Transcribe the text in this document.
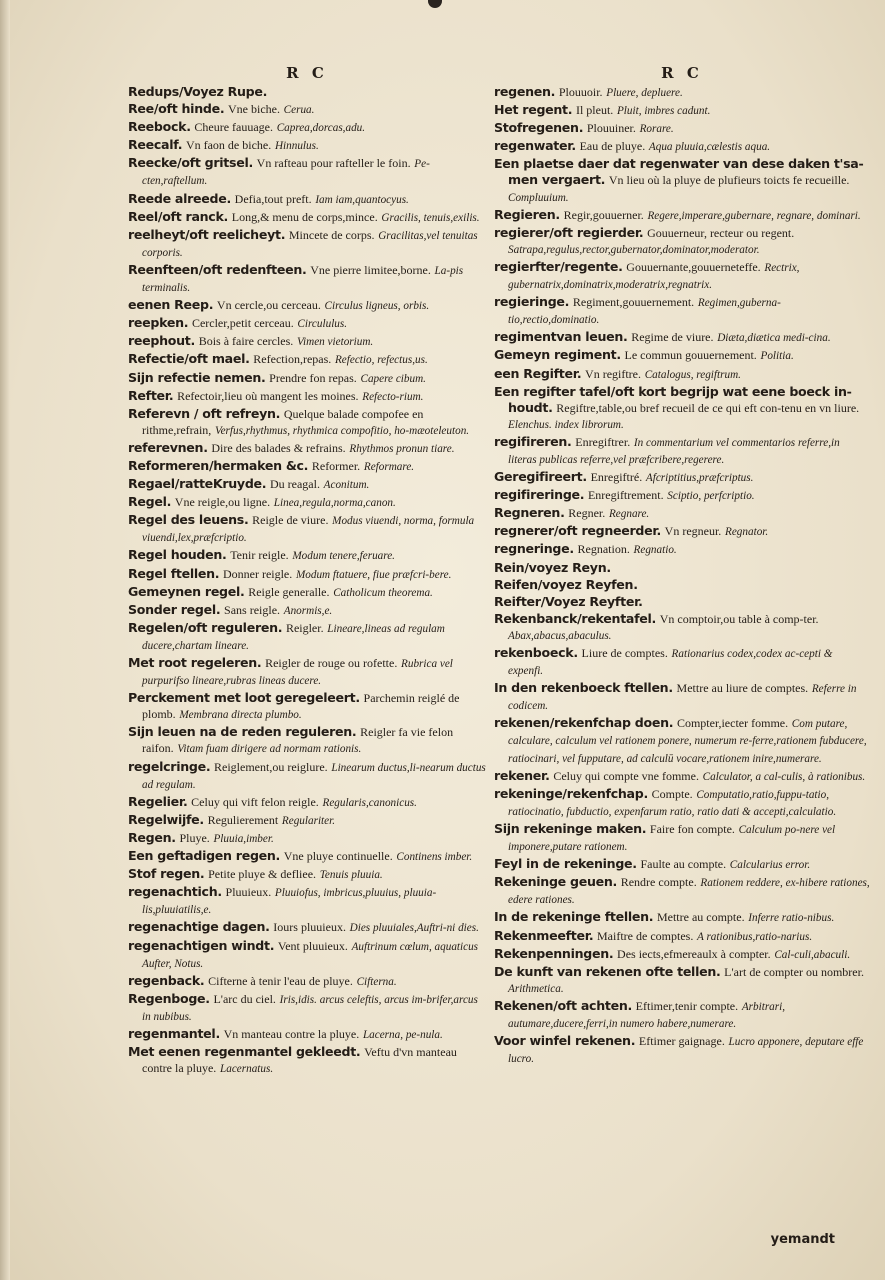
R C
Redups/Voyez Rupe.
Ree/oft hinde. Vne biche. Cerua.
Reebock. Cheure fauuage. Caprea,dorcas,adu.
Reecalf. Vn faon de biche. Hinnulus.
Reecke/oft gritsel. Vn rafteau pour rafteller le foin. Pe-cten,raftellum.
Reede alreede. Defia,tout preft. Iam iam,quantocyus.
Reel/oft ranck. Long,& menu de corps,mince. Gracilis, tenuis,exilis.
reelheyt/oft reelicheyt. Mincete de corps. Gracilitas,vel tenuitas corporis.
Reenfteen/oft redenfteen. Vne pierre limitee,borne. La-pis terminalis.
eenen Reep. Vn cercle,ou cerceau. Circulus ligneus, orbis.
reepken. Cercler,petit cerceau. Circululus.
reephout. Bois à faire cercles. Vimen vietorium.
Refectie/oft mael. Refection,repas. Refectio, refectus,us.
Sijn refectie nemen. Prendre fon repas. Capere cibum.
Refter. Refectoir,lieu où mangent les moines. Refecto-rium.
Referevn / oft refreyn. Quelque balade compofee en rithme,refrain, Verfus,rhythmus, rhythmica compofitio, ho-mæoteleuton.
referevnen. Dire des balades & refrains. Rhythmos pronun tiare.
Reformeren/hermaken &c. Reformer. Reformare.
Regael/ratteKruyde. Du reagal. Aconitum.
Regel. Vne reigle,ou ligne. Linea,regula,norma,canon.
Regel des leuens. Reigle de viure. Modus viuendi, norma, formula viuendi,lex,præfcriptio.
Regel houden. Tenir reigle. Modum tenere,feruare.
Regel ftellen. Donner reigle. Modum ftatuere, fiue præfcri-bere.
Gemeynen regel. Reigle generalle. Catholicum theorema.
Sonder regel. Sans reigle. Anormis,e.
Regelen/oft reguleren. Reigler. Lineare,lineas ad regulam ducere,chartam lineare.
Met root regeleren. Reigler de rouge ou rofette. Rubrica vel purpurifso lineare,rubras lineas ducere.
Perckement met loot geregeleert. Parchemin reiglé de plomb. Membrana directa plumbo.
Sijn leuen na de reden reguleren. Reigler fa vie felon raifon. Vitam fuam dirigere ad normam rationis.
regelcringe. Reiglement,ou reiglure. Linearum ductus,li-nearum ductus ad regulam.
Regelier. Celuy qui vift felon reigle. Regularis,canonicus.
Regelwijfe. Regulierement Regulariter.
Regen. Pluye. Pluuia,imber.
Een geftadigen regen. Vne pluye continuelle. Continens imber.
Stof regen. Petite pluye & defliee. Tenuis pluuia.
regenachtich. Pluuieux. Pluuiofus, imbricus,pluuius, pluuia-lis,pluuiatilis,e.
regenachtige dagen. Iours pluuieux. Dies pluuiales,Auftri-ni dies.
regenachtigen windt. Vent pluuieux. Auftrinum cœlum, aquaticus Aufter, Notus.
regenback. Cifterne à tenir l'eau de pluye. Cifterna.
Regenboge. L'arc du ciel. Iris,idis. arcus celeftis, arcus im-brifer,arcus in nubibus.
regenmantel. Vn manteau contre la pluye. Lacerna, pe-nula.
Met eenen regenmantel gekleedt. Veftu d'vn manteau contre la pluye. Lacernatus.
R C
regenen. Plouuoir. Pluere, depluere.
Het regent. Il pleut. Pluit, imbres cadunt.
Stofregenen. Plouuiner. Rorare.
regenwater. Eau de pluye. Aqua pluuia,cælestis aqua.
Een plaetse daer dat regenwater van dese daken t'sa-men vergaert. Vn lieu où la pluye de plufieurs toicts fe recueille. Compluuium.
Regieren. Regir,gouuerner. Regere,imperare,gubernare, regnare, dominari.
regierer/oft regierder. Gouuerneur, recteur ou regent. Satrapa,regulus,rector,gubernator,dominator,moderator.
regierfter/regente. Gouuernante,gouuerneteffe. Rectrix, gubernatrix,dominatrix,moderatrix,regnatrix.
regieringe. Regiment,gouuernement. Regimen,guberna-tio,rectio,dominatio.
regimentvan leuen. Regime de viure. Diæta,diætica medi-cina.
Gemeyn regiment. Le commun gouuernement. Politia.
een Regifter. Vn regiftre. Catalogus, regiftrum.
Een regifter tafel/oft kort begrijp wat eene boeck in-houdt. Regiftre,table,ou bref recueil de ce qui eft con-tenu en vn liure. Elenchus. index librorum.
regifireren. Enregiftrer. In commentarium vel commentarios referre,in literas publicas referre,vel præfcribere,regerere.
Geregifireert. Enregiftré. Afcriptitius,præfcriptus.
regifireringe. Enregiftrement. Sciptio, perfcriptio.
Regneren. Regner. Regnare.
regnerer/oft regneerder. Vn regneur. Regnator.
regneringe. Regnation. Regnatio.
Rein/voyez Reyn.
Reifen/voyez Reyfen.
Reifter/Voyez Reyfter.
Rekenbanck/rekentafel. Vn comptoir,ou table à comp-ter. Abax,abacus,abaculus.
rekenboeck. Liure de comptes. Rationarius codex,codex ac-cepti & expenfi.
In den rekenboeck ftellen. Mettre au liure de comptes. Referre in codicem.
rekenen/rekenfchap doen. Compter,iecter fomme. Com putare, calculare, calculum vel rationem ponere, numerum re-ferre,rationem fubducere, ratiocinari, vel fupputare, ad calculū vocare,rationem inire,numerare.
rekener. Celuy qui compte vne fomme. Calculator, a cal-culis, à rationibus.
rekeninge/rekenfchap. Compte. Computatio,ratio,fuppu-tatio, ratiocinatio, fubductio, expenfarum ratio, ratio dati & accepti,calculatio.
Sijn rekeninge maken. Faire fon compte. Calculum po-nere vel imponere,putare rationem.
Feyl in de rekeninge. Faulte au compte. Calcularius error.
Rekeninge geuen. Rendre compte. Rationem reddere, ex-hibere rationes, edere rationes.
In de rekeninge ftellen. Mettre au compte. Inferre ratio-nibus.
Rekenmeefter. Maiftre de comptes. A rationibus,ratio-narius.
Rekenpenningen. Des iects,efmereaulx à compter. Cal-culi,abaculi.
De kunft van rekenen ofte tellen. L'art de compter ou nombrer. Arithmetica.
Rekenen/oft achten. Eftimer,tenir compte. Arbitrari, autumare,ducere,ferri,in numero habere,numerare.
Voor winfel rekenen. Eftimer gaignage. Lucro apponere, deputare effe lucro.
yemandt
